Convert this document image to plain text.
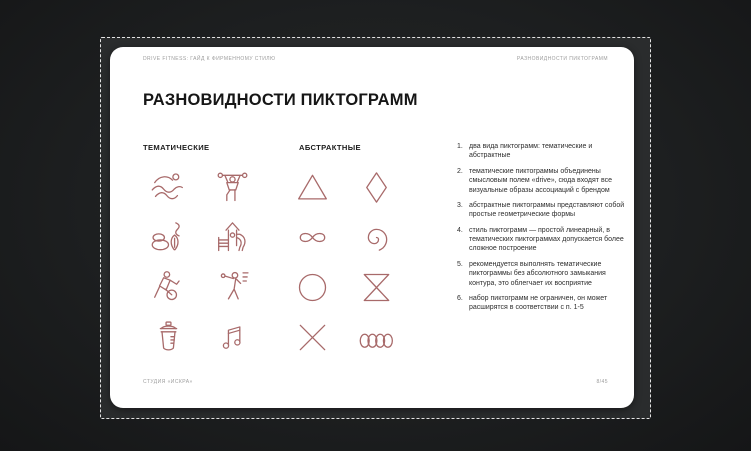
DRIVE FITNESS: ГАЙД К ФИРМЕННОМУ СТИЛЮ	РАЗНОВИДНОСТИ ПИКТОГРАММ
РАЗНОВИДНОСТИ ПИКТОГРАММ
ТЕМАТИЧЕСКИЕ	АБСТРАКТНЫЕ	1. два вида пиктограмм: тематические и абстрактные
2. тематические пиктограммы объединены смысловым полем «drive», сюда входят все визуальные образы ассоциаций с брендом
3. абстрактные пиктограммы представляют собой простые геометрические формы
4. стиль пиктограмм — простой линеарный, в тематических пиктограммах допускается более сложное построение
5. рекомендуется выполнять тематические пиктограммы без абсолютного замыкания контура, это облегчает их восприятие
6. набор пиктограмм не ограничен, он может расширятся в соответствии с п. 1-5
СТУДИЯ «ИСКРА»	8/45
